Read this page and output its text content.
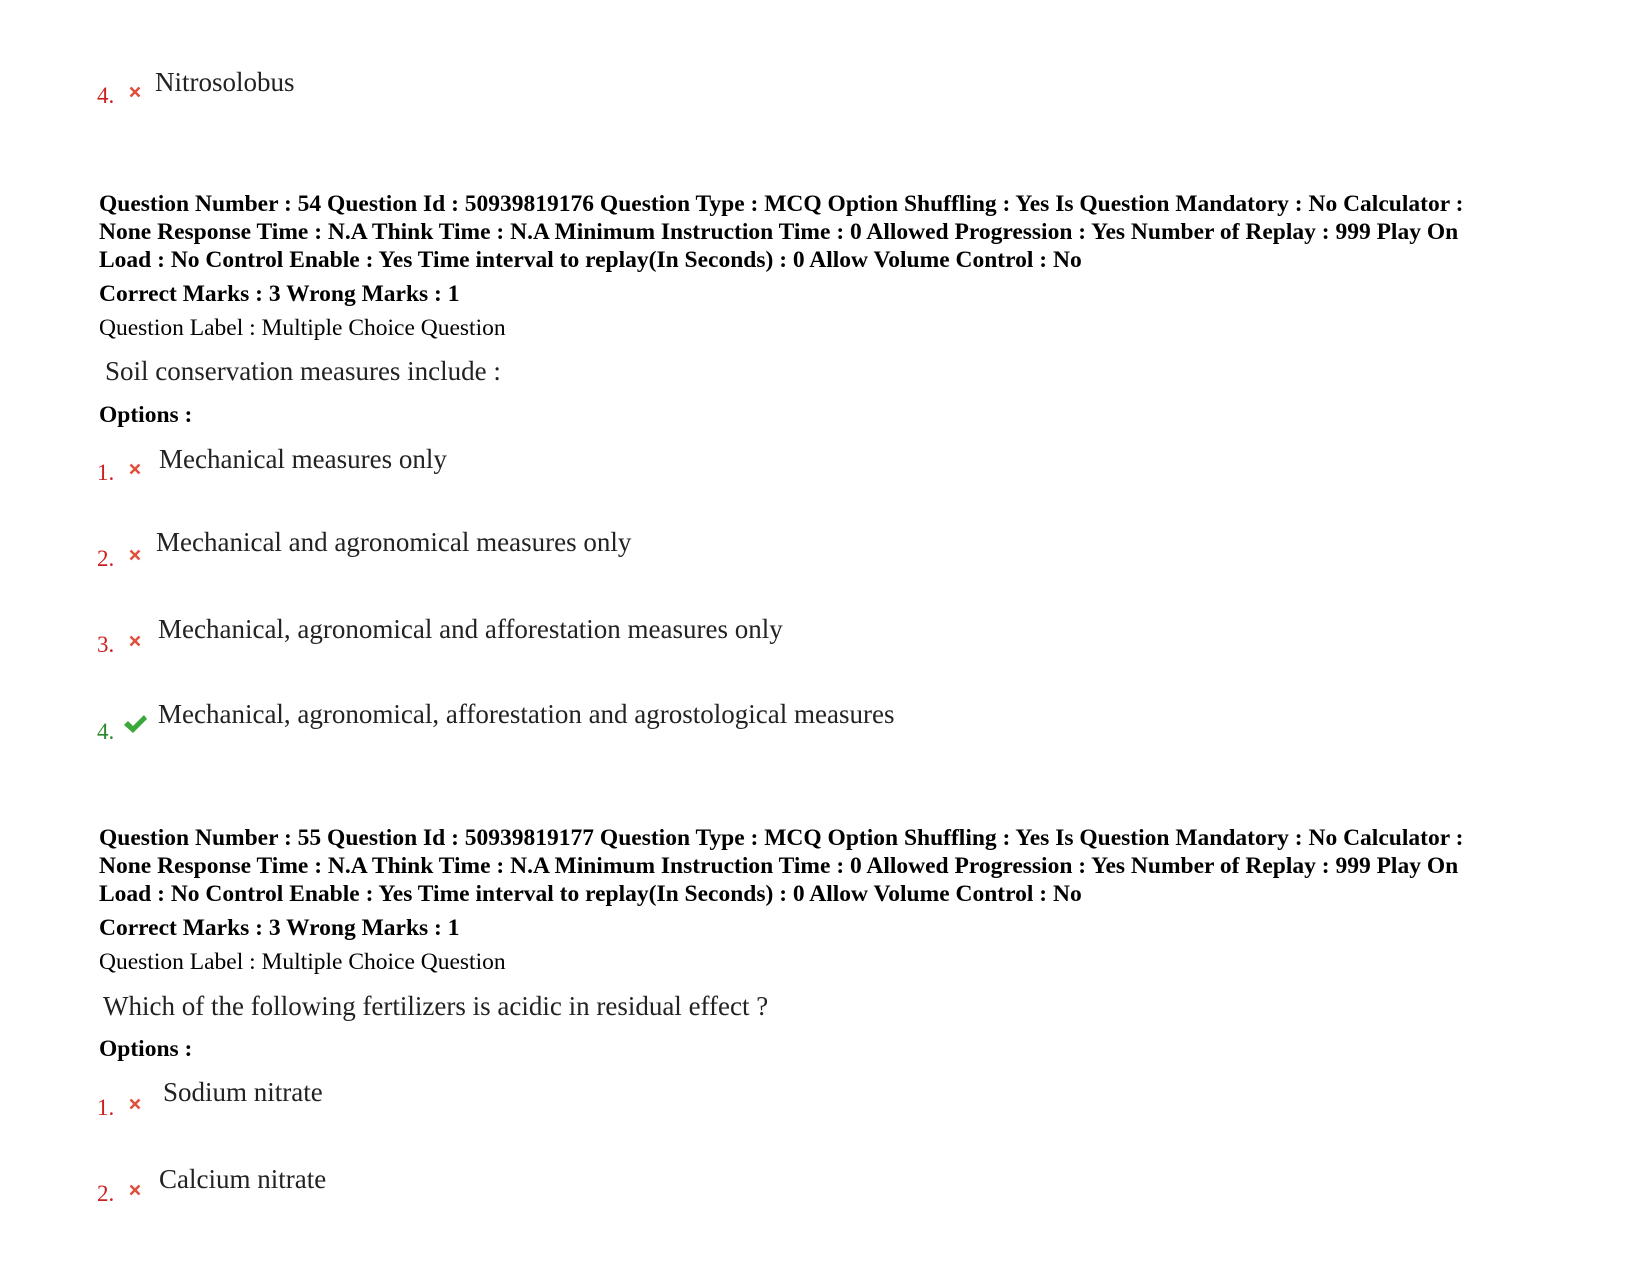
4. Nitrosolobus
Question Number : 54 Question Id : 50939819176 Question Type : MCQ Option Shuffling : Yes Is Question Mandatory : No Calculator :
None Response Time : N.A Think Time : N.A Minimum Instruction Time : 0 Allowed Progression : Yes Number of Replay : 999 Play On
Load : No Control Enable : Yes Time interval to replay(In Seconds) : 0 Allow Volume Control : No
Correct Marks : 3 Wrong Marks : 1
Question Label : Multiple Choice Question
Soil conservation measures include :
Options :
1. Mechanical measures only
2.
Mechanical and agronomical measures only
3.
Mechanical, agronomical and afforestation measures only
4.
Mechanical, agronomical, afforestation and agrostological measures
Question Number : 55 Question Id : 50939819177 Question Type : MCQ Option Shuffling : Yes Is Question Mandatory : No Calculator :
None Response Time : N.A Think Time : N.A Minimum Instruction Time : 0 Allowed Progression : Yes Number of Replay : 999 Play On
Load : No Control Enable : Yes Time interval to replay(In Seconds) : 0 Allow Volume Control : No
Correct Marks : 3 Wrong Marks : 1
Question Label : Multiple Choice Question
Which of the following fertilizers is acidic in residual effect ?
Options :
1.
Sodium nitrate
2. Calcium nitrate
